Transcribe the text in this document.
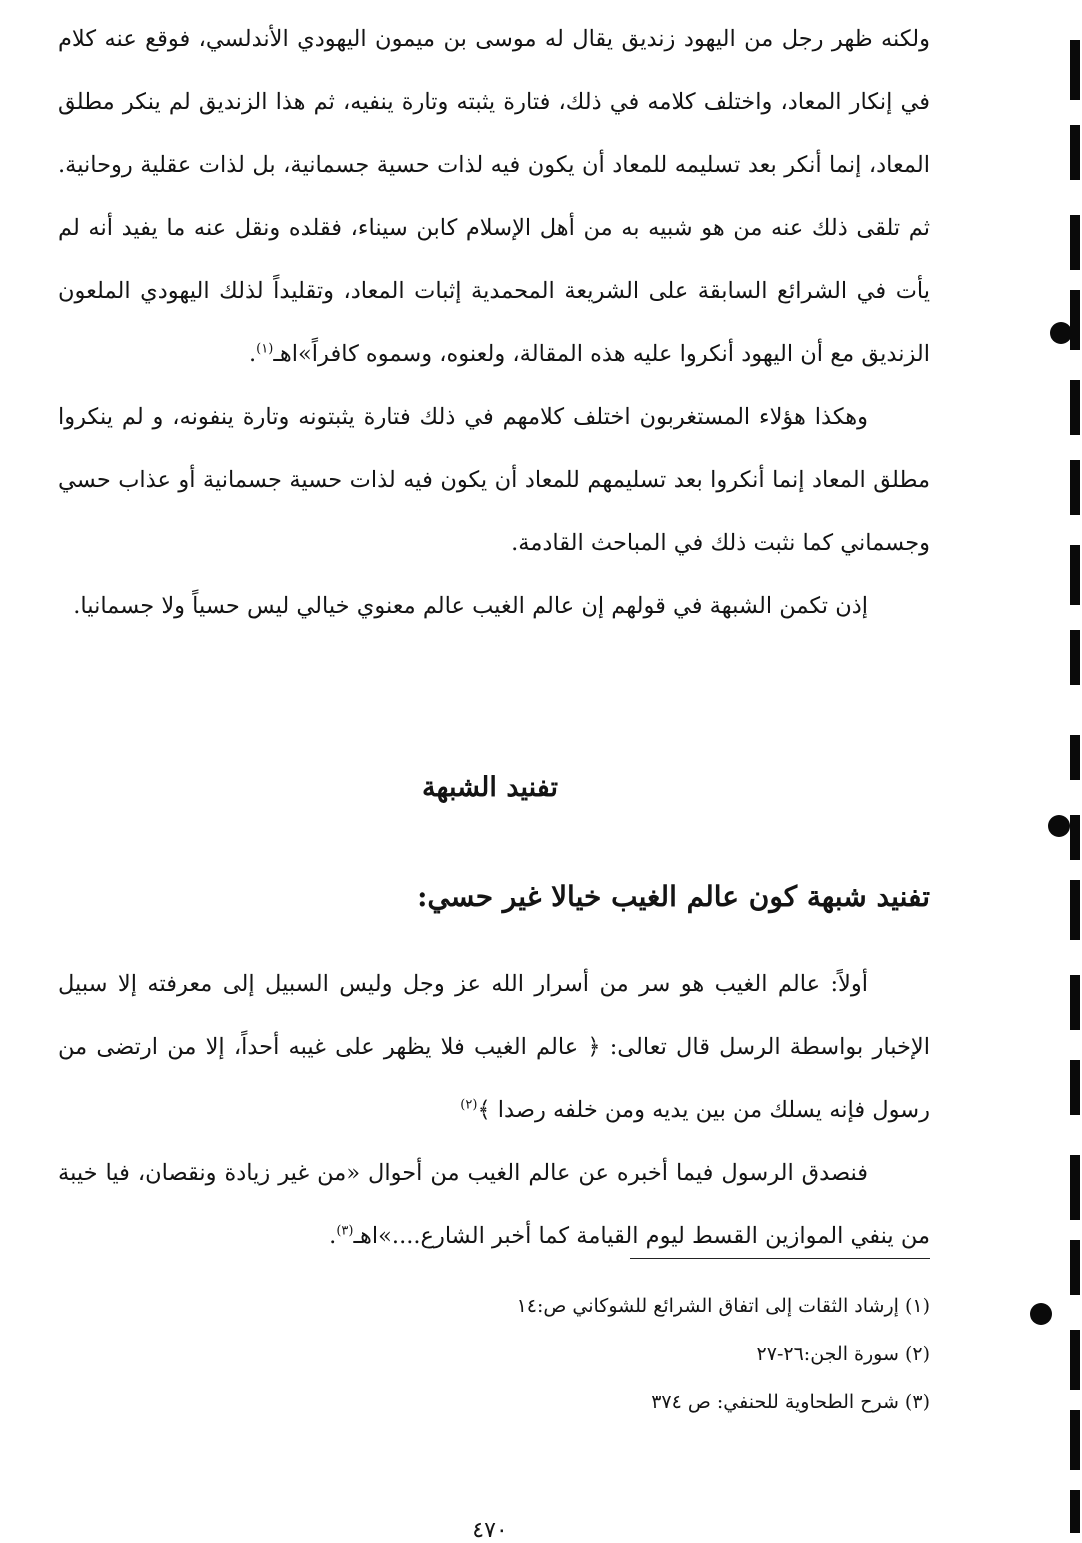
ولكنه ظهر رجل من اليهود زنديق يقال له موسى بن ميمون اليهودي الأندلسي، فوقع عنه كلام في إنكار المعاد، واختلف كلامه في ذلك، فتارة يثبته وتارة ينفيه، ثم هذا الزنديق لم ينكر مطلق المعاد، إنما أنكر بعد تسليمه للمعاد أن يكون فيه لذات حسية جسمانية، بل لذات عقلية روحانية. ثم تلقى ذلك عنه من هو شبيه به من أهل الإسلام كابن سيناء، فقلده ونقل عنه ما يفيد أنه لم يأت في الشرائع السابقة على الشريعة المحمدية إثبات المعاد، وتقليداً لذلك اليهودي الملعون الزنديق مع أن اليهود أنكروا عليه هذه المقالة، ولعنوه، وسموه كافراً»اهـ$^{(١)}$.

وهكذا هؤلاء المستغربون اختلف كلامهم في ذلك فتارة يثبتونه وتارة ينفونه، و لم ينكروا مطلق المعاد إنما أنكروا بعد تسليمهم للمعاد أن يكون فيه لذات حسية جسمانية أو عذاب حسي وجسماني كما نثبت ذلك في المباحث القادمة.

إذن تكمن الشبهة في قولهم إن عالم الغيب عالم معنوي خيالي ليس حسياً ولا جسمانيا.

تفنيد الشبهة
تفنيد شبهة كون عالم الغيب خيالا غير حسي:

أولاً: عالم الغيب هو سر من أسرار الله عز وجل وليس السبيل إلى معرفته إلا سبيل الإخبار بواسطة الرسل قال تعالى: ﴿ عالم الغيب فلا يظهر على غيبه أحداً، إلا من ارتضى من رسول فإنه يسلك من بين يديه ومن خلفه رصدا ﴾$^{(٢)}$

فنصدق الرسول فيما أخبره عن عالم الغيب من أحوال «من غير زيادة ونقصان، فيا خيبة من ينفي الموازين القسط ليوم القيامة كما أخبر الشارع....»اهـ$^{(٣)}$.

(١) إرشاد الثقات إلى اتفاق الشرائع للشوكاني ص:١٤
(٢) سورة الجن:٢٦-٢٧
(٣) شرح الطحاوية للحنفي: ص ٣٧٤
٤٧٠
